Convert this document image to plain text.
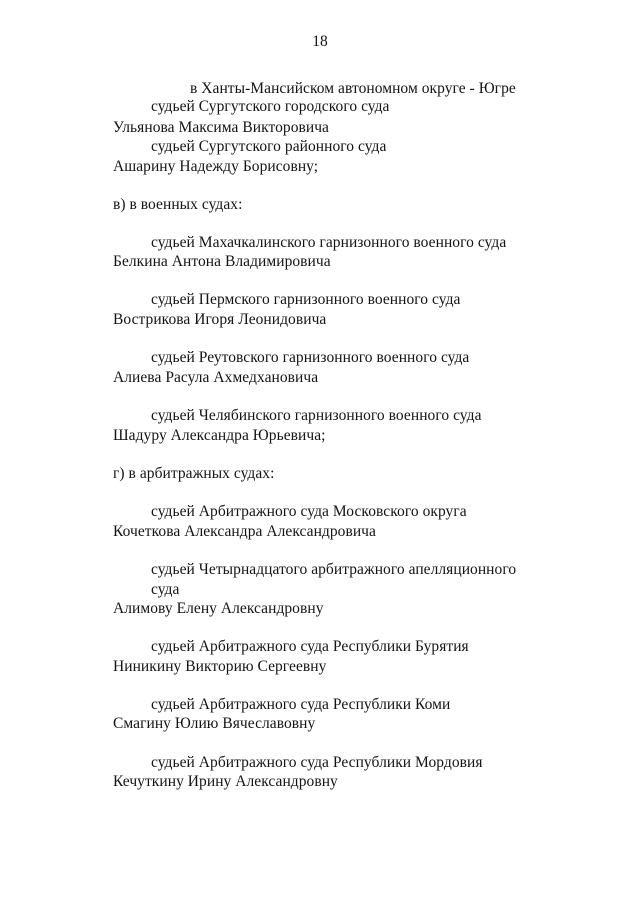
18
в Ханты-Мансийском автономном округе - Югре
судьей Сургутского городского суда
Ульянова Максима Викторовича
судьей Сургутского районного суда
Ашарину Надежду Борисовну;
в) в военных судах:
судьей Махачкалинского гарнизонного военного суда
Белкина Антона Владимировича
судьей Пермского гарнизонного военного суда
Вострикова Игоря Леонидовича
судьей Реутовского гарнизонного военного суда
Алиева Расула Ахмедхановича
судьей Челябинского гарнизонного военного суда
Шадуру Александра Юрьевича;
г) в арбитражных судах:
судьей Арбитражного суда Московского округа
Кочеткова Александра Александровича
судьей Четырнадцатого арбитражного апелляционного
суда
Алимову Елену Александровну
судьей Арбитражного суда Республики Бурятия
Ниникину Викторию Сергеевну
судьей Арбитражного суда Республики Коми
Смагину Юлию Вячеславовну
судьей Арбитражного суда Республики Мордовия
Кечуткину Ирину Александровну
